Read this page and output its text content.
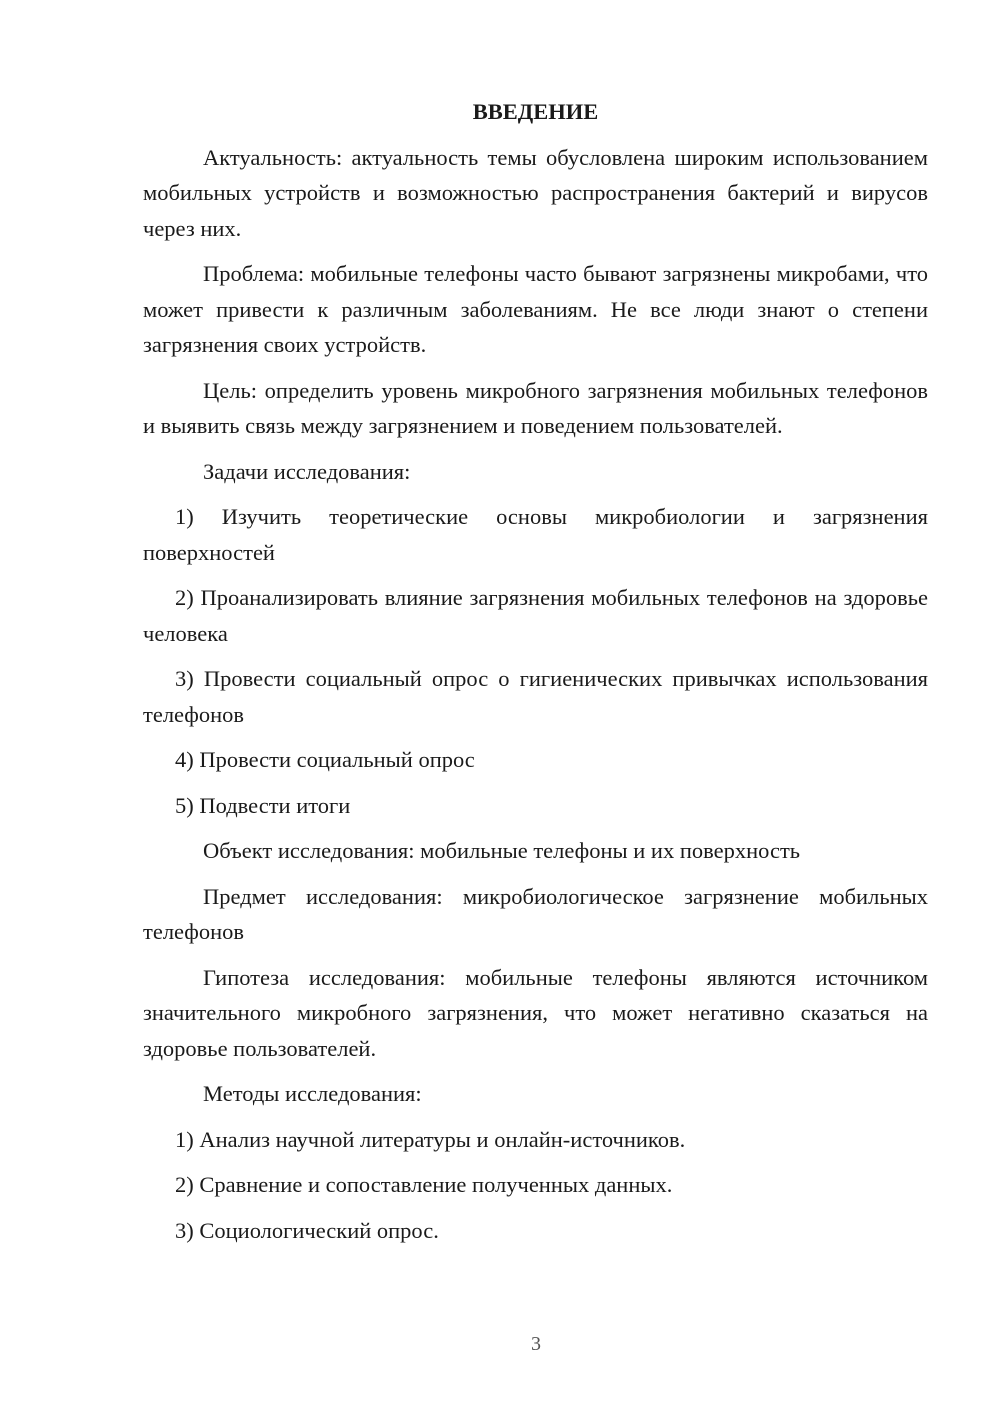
ВВЕДЕНИЕ

Актуальность: актуальность темы обусловлена широким использованием мобильных устройств и возможностью распространения бактерий и вирусов через них.

Проблема: мобильные телефоны часто бывают загрязнены микробами, что может привести к различным заболеваниям. Не все люди знают о степени загрязнения своих устройств.

Цель: определить уровень микробного загрязнения мобильных телефонов и выявить связь между загрязнением и поведением пользователей.

Задачи исследования:

1) Изучить теоретические основы микробиологии и загрязнения поверхностей

2) Проанализировать влияние загрязнения мобильных телефонов на здоровье человека

3) Провести социальный опрос о гигиенических привычках использования телефонов

4) Провести социальный опрос

5) Подвести итоги

Объект исследования: мобильные телефоны и их поверхность

Предмет исследования: микробиологическое загрязнение мобильных телефонов

Гипотеза исследования: мобильные телефоны являются источником значительного микробного загрязнения, что может негативно сказаться на здоровье пользователей.

Методы исследования:

1) Анализ научной литературы и онлайн-источников.

2) Сравнение и сопоставление полученных данных.

3) Социологический опрос.

3
